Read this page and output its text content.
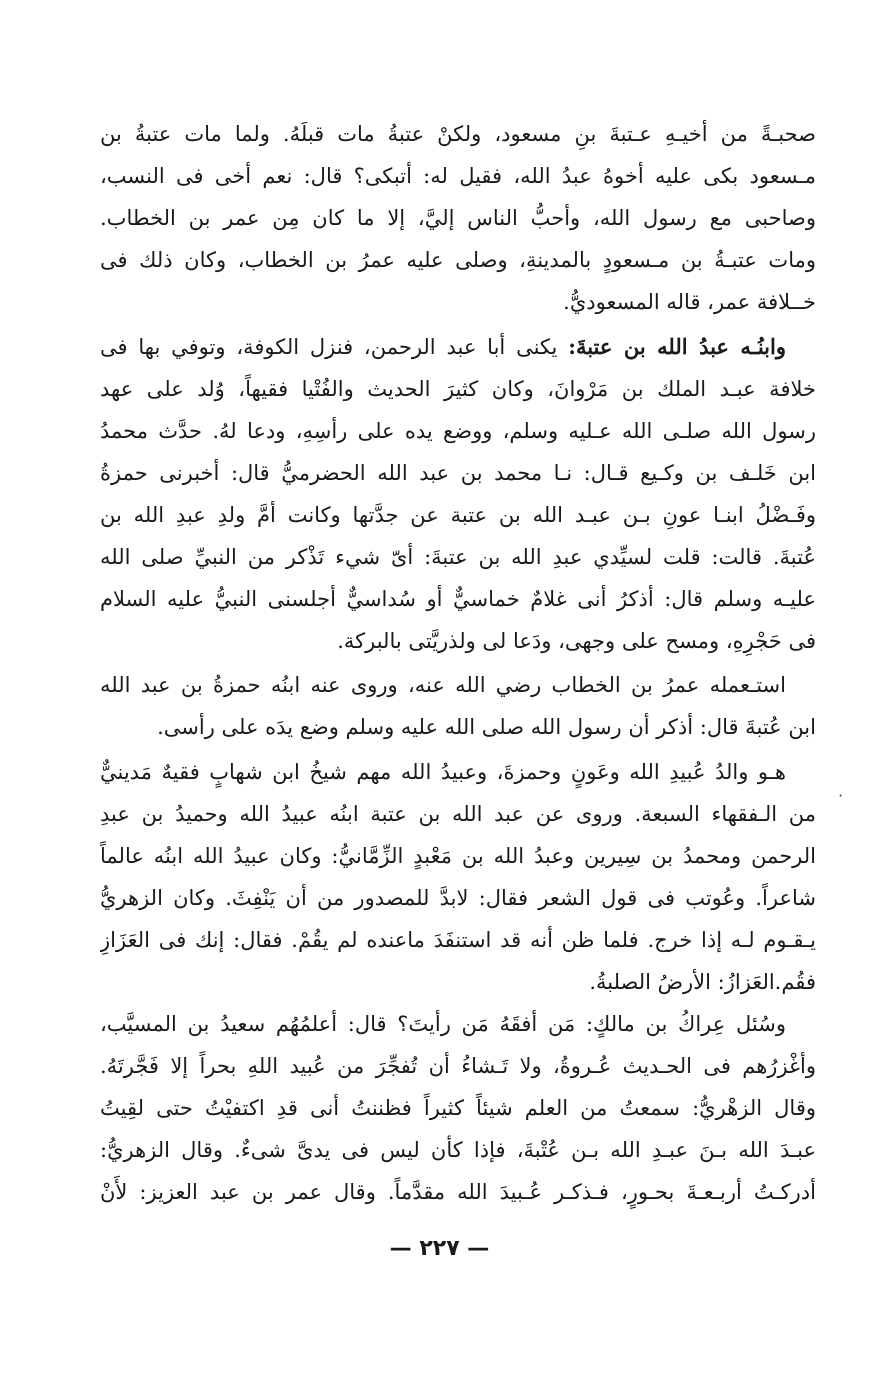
صحبـةً من أخيـهِ عـتبةَ بنِ مسعود، ولكنْ عتبةُ مات قبلَهُ. ولما مات عتبةُ بن
مـسعود بكى عليه أخوهُ عبدُ الله، فقيل له: أتبكى؟ قال: نعم أخى فى النسب،
وصاحبى مع رسول الله، وأحبُّ الناس إليَّ، إلا ما كان مِن عمر بن الخطاب.
ومات عتبـةُ بن مـسعودٍ بالمدينةِ، وصلى عليه عمرُ بن الخطاب، وكان ذلك فى
خــلافة عمر، قاله المسعوديُّ.
وابنُـه عبدُ الله بن عتبةَ: يكنى أبا عبد الرحمن، فنزل الكوفة، وتوفي بها فى
خلافة عبـد الملك بن مَرْوانَ، وكان كثيرَ الحديث والفُتْيا فقيهاً، وُلد على عهد
رسول الله صلـى الله عـليه وسلم، ووضع يده على رأسِهِ، ودعا لهُ. حدَّث محمدُ
ابن خَلـف بن وكـيع قـال: نـا محمد بن عبد الله الحضرميُّ قال: أخبرنى حمزةُ
وفَـضْلُ ابنـا عونِ بـن عبـد الله بن عتبة عن جدَّتها وكانت أمَّ ولدِ عبدِ الله بن
عُتبةَ. قالت: قلت لسيِّدي عبدِ الله بن عتبةَ: أىّ شيء تَذْكر من النبيِّ صلى الله
عليـه وسلم قال: أذكرُ أنى غلامٌ خماسيٌّ أو سُداسيٌّ أجلسنى النبيُّ عليه السلام
فى حَجْرِهِ، ومسح على وجهى، ودَعا لى ولذريَّتى بالبركة.
استـعمله عمرُ بن الخطاب رضي الله عنه، وروى عنه ابنُه حمزةُ بن عبد الله
ابن عُتبةَ قال: أذكر أن رسول الله صلى الله عليه وسلم وضع يدَه على رأسى.
هـو والدُ عُبيدِ الله وعَونٍ وحمزةَ، وعبيدُ الله مهم شيخُ ابن شهابٍ فقيهٌ مَدينيٌّ
من الـفقهاء السبعة. وروى عن عبد الله بن عتبة ابنُه عبيدُ الله وحميدُ بن عبدِ
الرحمن ومحمدُ بن سِيرين وعبدُ الله بن مَعْبدٍ الزِّمَّانيُّ: وكان عبيدُ الله ابنُه عالماً
شاعراً. وعُوتب فى قول الشعر فقال: لابدَّ للمصدور من أن يَنْفِثَ. وكان الزهريُّ
يـقـوم لـه إذا خرج. فلما ظن أنه قد استنفَدَ ماعنده لم يقُمْ. فقال: إنك فى العَزَازِ
فقُم.العَزازُ: الأرضُ الصلبةُ.
وسُئل عِراكُ بن مالكٍ: مَن أفقَهُ مَن رأيتَ؟ قال: أعلمُهُم سعيدُ بن المسيَّب،
وأغْزرُهم فى الحـديث عُـروةُ، ولا تَـشاءُ أن تُفجِّرَ من عُبيد اللهِ بحراً إلا فَجَّرتَهُ.
وقال الزهْريُّ: سمعتُ من العلم شيئاً كثيراً فظننتُ أنى قدِ اكتفيْتُ حتى لقِيتُ
عبـدَ الله بـنَ عبـدِ الله بـن عُتْبةَ، فإذا كأن ليس فى يدىَّ شىءٌ. وقال الزهريُّ:
أدركـتُ أربـعـةَ بحـورٍ، فـذكـر عُـبيدَ الله مقدَّماً. وقال عمر بن عبد العزيز: لأَنْ
·
— ٢٢٧ —
